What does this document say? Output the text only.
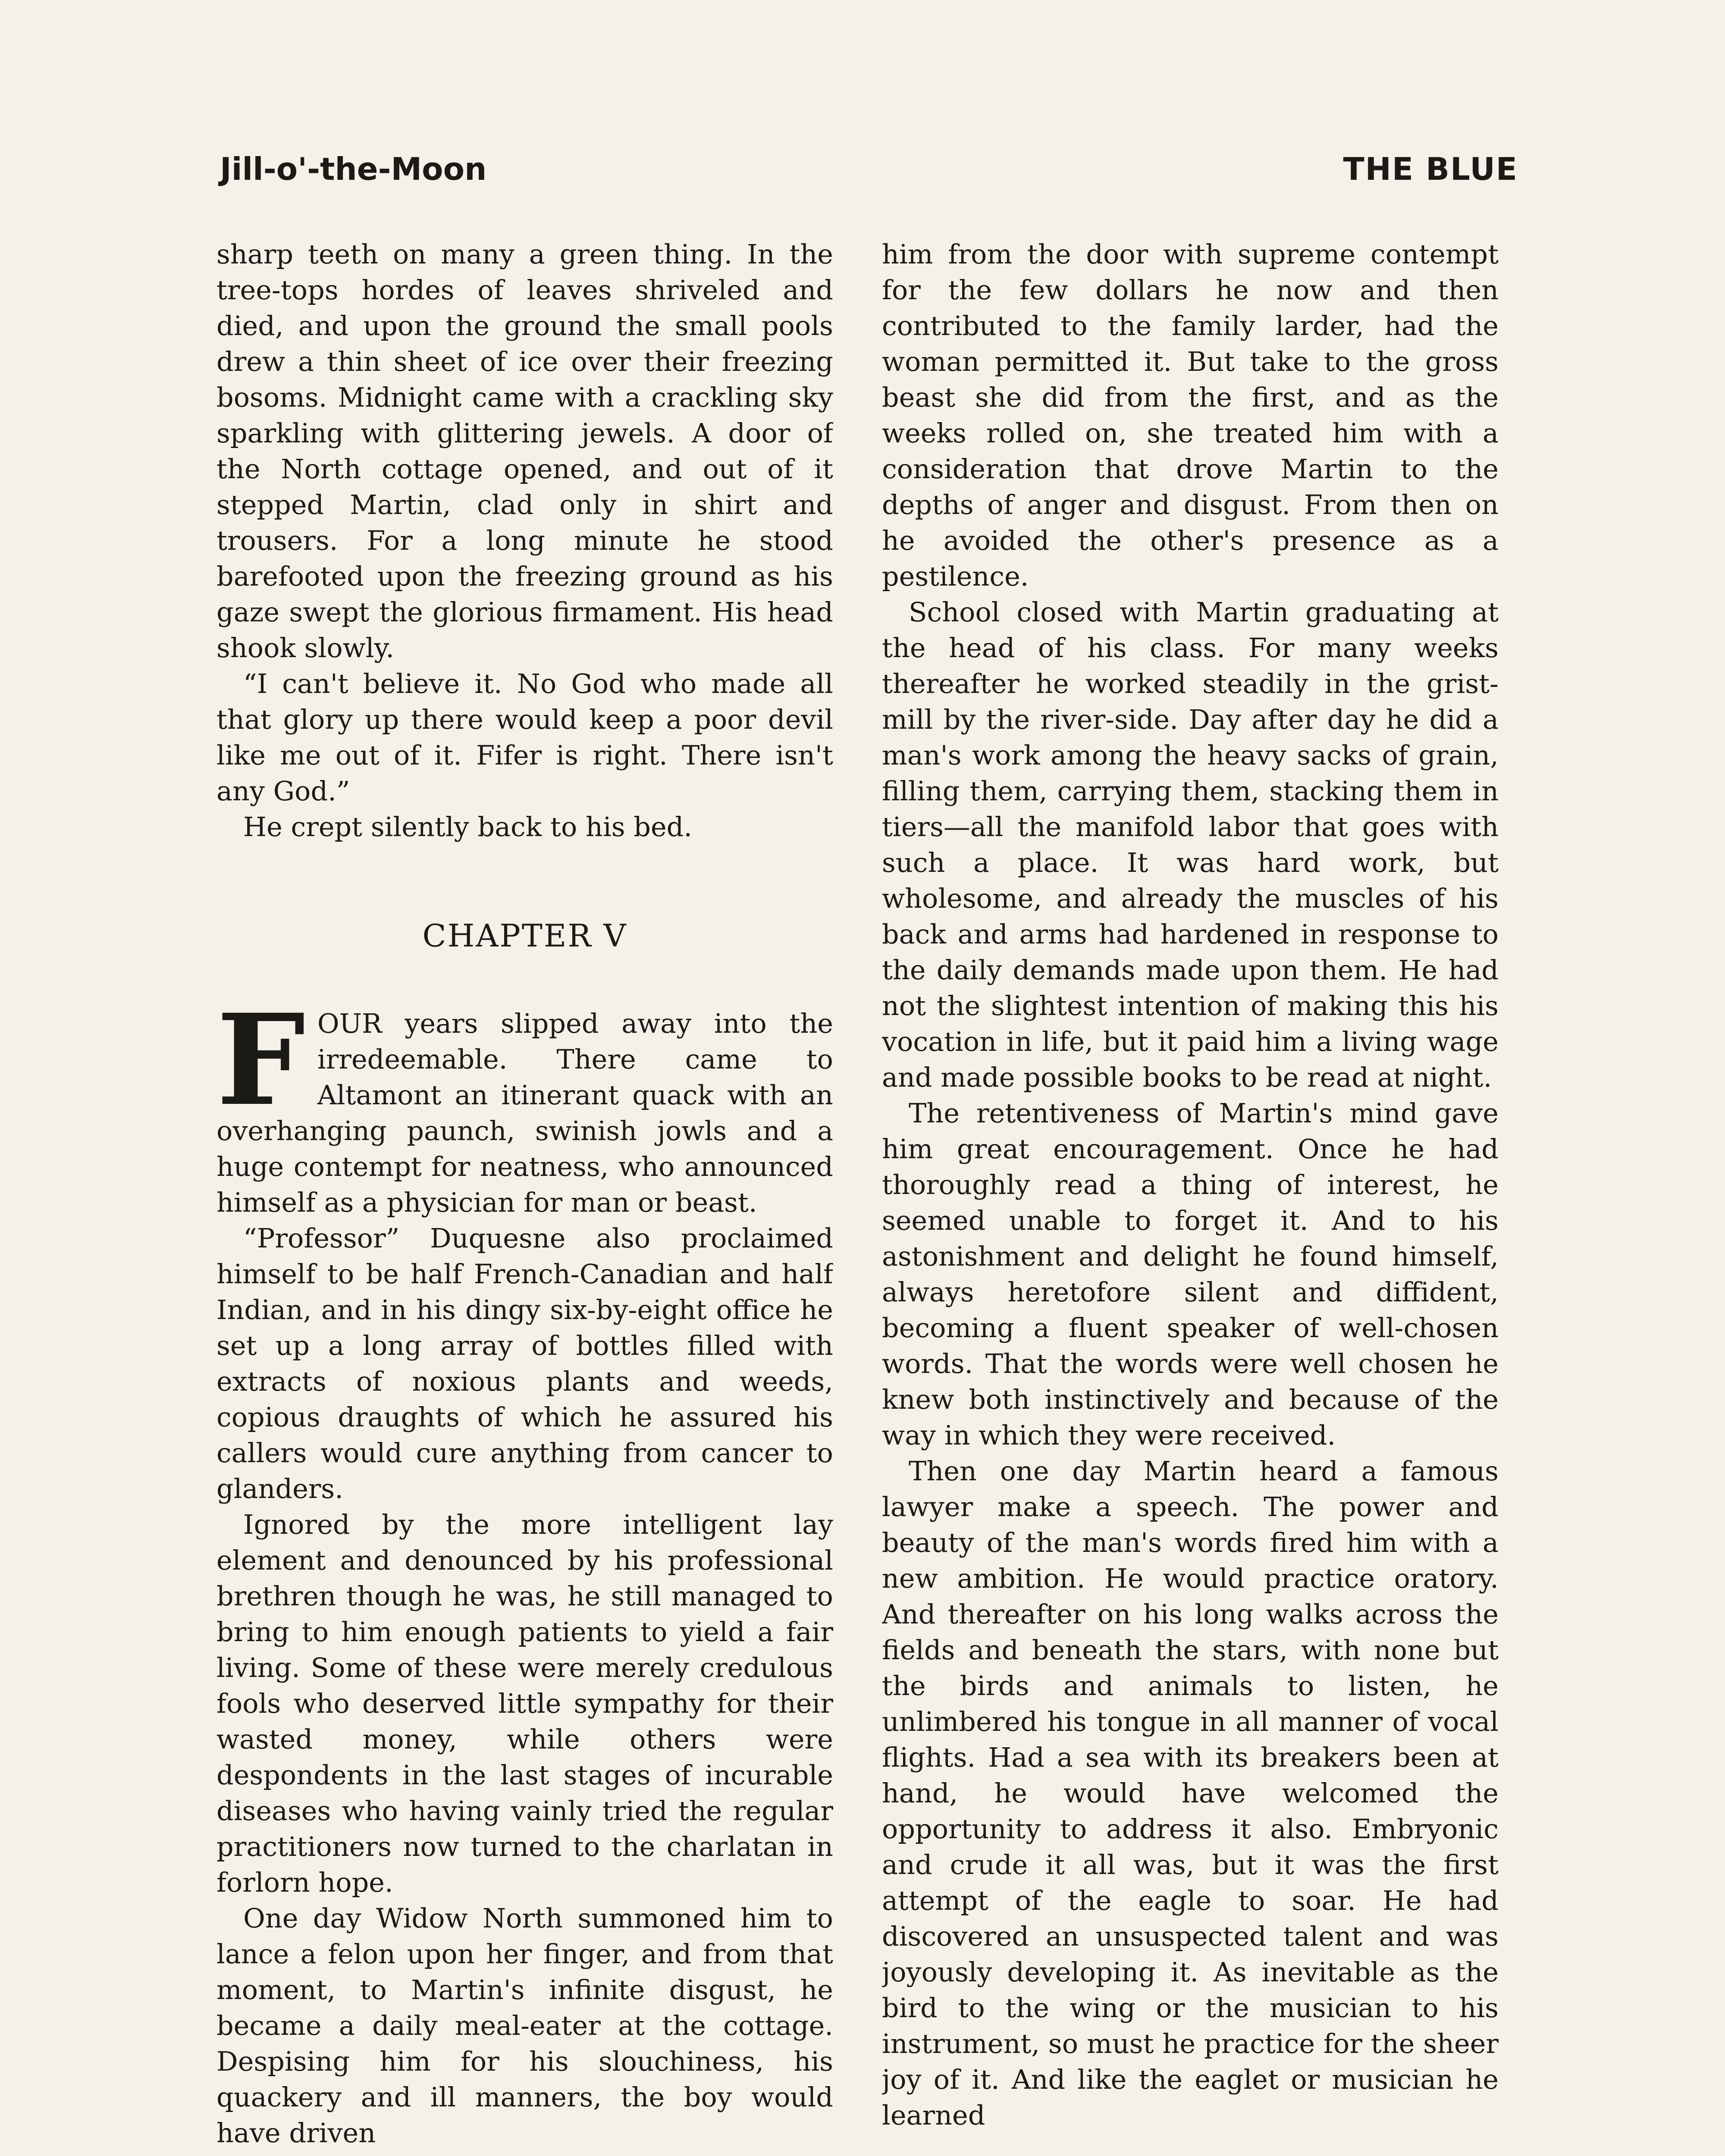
Jill-o'-the-Moon	THE BLUE

sharp teeth on many a green thing. In the tree-tops hordes of leaves shriveled and died, and upon the ground the small pools drew a thin sheet of ice over their freezing bosoms. Midnight came with a crackling sky sparkling with glittering jewels. A door of the North cottage opened, and out of it stepped Martin, clad only in shirt and trousers. For a long minute he stood barefooted upon the freezing ground as his gaze swept the glorious firmament. His head shook slowly.

“I can't believe it. No God who made all that glory up there would keep a poor devil like me out of it. Fifer is right. There isn't any God.”

He crept silently back to his bed.

CHAPTER V

FOUR years slipped away into the irredeemable. There came to Altamont an itinerant quack with an overhanging paunch, swinish jowls and a huge contempt for neatness, who announced himself as a physician for man or beast.

“Professor” Duquesne also proclaimed himself to be half French-Canadian and half Indian, and in his dingy six-by-eight office he set up a long array of bottles filled with extracts of noxious plants and weeds, copious draughts of which he assured his callers would cure anything from cancer to glanders.

Ignored by the more intelligent lay element and denounced by his professional brethren though he was, he still managed to bring to him enough patients to yield a fair living. Some of these were merely credulous fools who deserved little sympathy for their wasted money, while others were despondents in the last stages of incurable diseases who having vainly tried the regular practitioners now turned to the charlatan in forlorn hope.

One day Widow North summoned him to lance a felon upon her finger, and from that moment, to Martin's infinite disgust, he became a daily meal-eater at the cottage. Despising him for his slouchiness, his quackery and ill manners, the boy would have driven

him from the door with supreme contempt for the few dollars he now and then contributed to the family larder, had the woman permitted it. But take to the gross beast she did from the first, and as the weeks rolled on, she treated him with a consideration that drove Martin to the depths of anger and disgust. From then on he avoided the other's presence as a pestilence.

School closed with Martin graduating at the head of his class. For many weeks thereafter he worked steadily in the grist-mill by the river-side. Day after day he did a man's work among the heavy sacks of grain, filling them, carrying them, stacking them in tiers—all the manifold labor that goes with such a place. It was hard work, but wholesome, and already the muscles of his back and arms had hardened in response to the daily demands made upon them. He had not the slightest intention of making this his vocation in life, but it paid him a living wage and made possible books to be read at night.

The retentiveness of Martin's mind gave him great encouragement. Once he had thoroughly read a thing of interest, he seemed unable to forget it. And to his astonishment and delight he found himself, always heretofore silent and diffident, becoming a fluent speaker of well-chosen words. That the words were well chosen he knew both instinctively and because of the way in which they were received.

Then one day Martin heard a famous lawyer make a speech. The power and beauty of the man's words fired him with a new ambition. He would practice oratory. And thereafter on his long walks across the fields and beneath the stars, with none but the birds and animals to listen, he unlimbered his tongue in all manner of vocal flights. Had a sea with its breakers been at hand, he would have welcomed the opportunity to address it also. Embryonic and crude it all was, but it was the first attempt of the eagle to soar. He had discovered an unsuspected talent and was joyously developing it. As inevitable as the bird to the wing or the musician to his instrument, so must he practice for the sheer joy of it. And like the eaglet or musician he learned
